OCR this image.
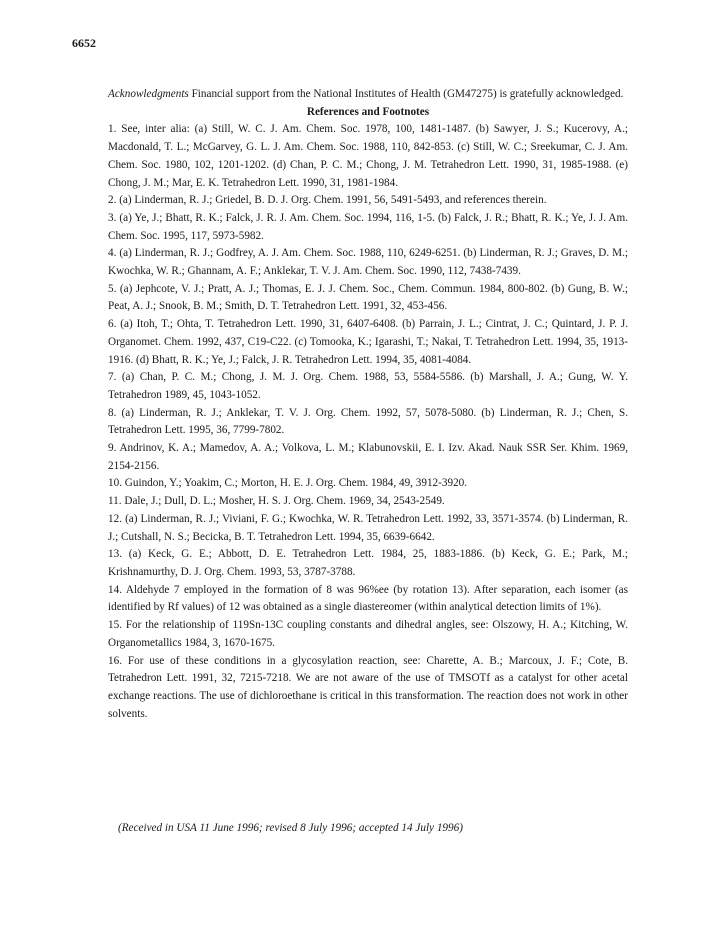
6652

Acknowledgments Financial support from the National Institutes of Health (GM47275) is gratefully acknowledged.

References and Footnotes

1. See, inter alia: (a) Still, W. C. J. Am. Chem. Soc. 1978, 100, 1481-1487. (b) Sawyer, J. S.; Kucerovy, A.; Macdonald, T. L.; McGarvey, G. L. J. Am. Chem. Soc. 1988, 110, 842-853. (c) Still, W. C.; Sreekumar, C. J. Am. Chem. Soc. 1980, 102, 1201-1202. (d) Chan, P. C. M.; Chong, J. M. Tetrahedron Lett. 1990, 31, 1985-1988. (e) Chong, J. M.; Mar, E. K. Tetrahedron Lett. 1990, 31, 1981-1984.

2. (a) Linderman, R. J.; Griedel, B. D. J. Org. Chem. 1991, 56, 5491-5493, and references therein.

3. (a) Ye, J.; Bhatt, R. K.; Falck, J. R. J. Am. Chem. Soc. 1994, 116, 1-5. (b) Falck, J. R.; Bhatt, R. K.; Ye, J. J. Am. Chem. Soc. 1995, 117, 5973-5982.

4. (a) Linderman, R. J.; Godfrey, A. J. Am. Chem. Soc. 1988, 110, 6249-6251. (b) Linderman, R. J.; Graves, D. M.; Kwochka, W. R.; Ghannam, A. F.; Anklekar, T. V. J. Am. Chem. Soc. 1990, 112, 7438-7439.

5. (a) Jephcote, V. J.; Pratt, A. J.; Thomas, E. J. J. Chem. Soc., Chem. Commun. 1984, 800-802. (b) Gung, B. W.; Peat, A. J.; Snook, B. M.; Smith, D. T. Tetrahedron Lett. 1991, 32, 453-456.

6. (a) Itoh, T.; Ohta, T. Tetrahedron Lett. 1990, 31, 6407-6408. (b) Parrain, J. L.; Cintrat, J. C.; Quintard, J. P. J. Organomet. Chem. 1992, 437, C19-C22. (c) Tomooka, K.; Igarashi, T.; Nakai, T. Tetrahedron Lett. 1994, 35, 1913-1916. (d) Bhatt, R. K.; Ye, J.; Falck, J. R. Tetrahedron Lett. 1994, 35, 4081-4084.

7. (a) Chan, P. C. M.; Chong, J. M. J. Org. Chem. 1988, 53, 5584-5586. (b) Marshall, J. A.; Gung, W. Y. Tetrahedron 1989, 45, 1043-1052.

8. (a) Linderman, R. J.; Anklekar, T. V. J. Org. Chem. 1992, 57, 5078-5080. (b) Linderman, R. J.; Chen, S. Tetrahedron Lett. 1995, 36, 7799-7802.

9. Andrinov, K. A.; Mamedov, A. A.; Volkova, L. M.; Klabunovskii, E. I. Izv. Akad. Nauk SSR Ser. Khim. 1969, 2154-2156.

10. Guindon, Y.; Yoakim, C.; Morton, H. E. J. Org. Chem. 1984, 49, 3912-3920.

11. Dale, J.; Dull, D. L.; Mosher, H. S. J. Org. Chem. 1969, 34, 2543-2549.

12. (a) Linderman, R. J.; Viviani, F. G.; Kwochka, W. R. Tetrahedron Lett. 1992, 33, 3571-3574. (b) Linderman, R. J.; Cutshall, N. S.; Becicka, B. T. Tetrahedron Lett. 1994, 35, 6639-6642.

13. (a) Keck, G. E.; Abbott, D. E. Tetrahedron Lett. 1984, 25, 1883-1886. (b) Keck, G. E.; Park, M.; Krishnamurthy, D. J. Org. Chem. 1993, 53, 3787-3788.

14. Aldehyde 7 employed in the formation of 8 was 96%ee (by rotation 13). After separation, each isomer (as identified by Rf values) of 12 was obtained as a single diastereomer (within analytical detection limits of 1%).

15. For the relationship of 119Sn-13C coupling constants and dihedral angles, see: Olszowy, H. A.; Kitching, W. Organometallics 1984, 3, 1670-1675.

16. For use of these conditions in a glycosylation reaction, see: Charette, A. B.; Marcoux, J. F.; Cote, B. Tetrahedron Lett. 1991, 32, 7215-7218. We are not aware of the use of TMSOTf as a catalyst for other acetal exchange reactions. The use of dichloroethane is critical in this transformation. The reaction does not work in other solvents.

(Received in USA 11 June 1996; revised 8 July 1996; accepted 14 July 1996)
